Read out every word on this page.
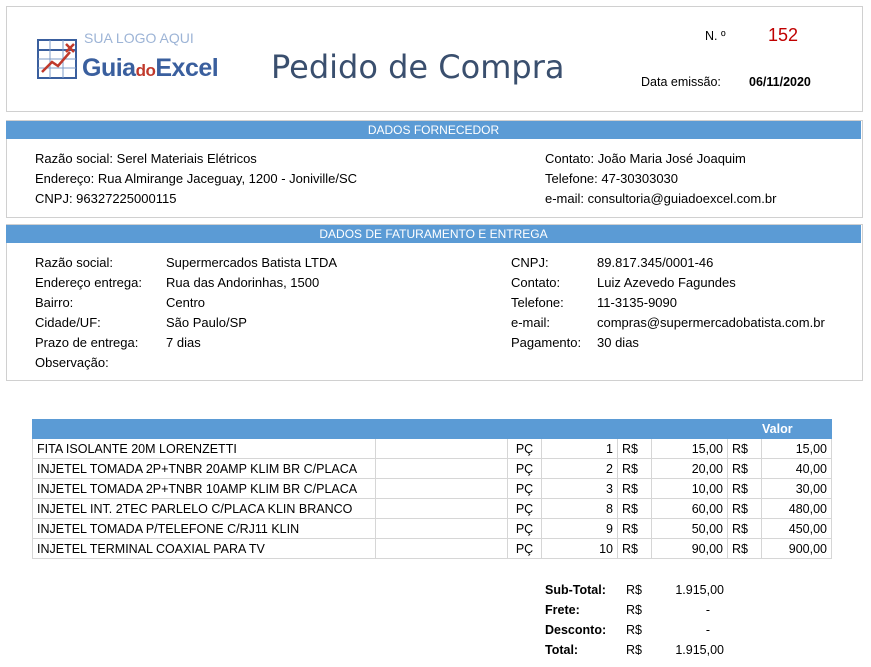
SUA LOGO AQUI
GuiadoExcel Pedido de Compra
N. º 152
Data emissão: 06/11/2020
DADOS FORNECEDOR
Razão social: Serel Materiais Elétricos
Endereço: Rua Almirange Jaceguay, 1200 - Joniville/SC
CNPJ: 96327225000115
Contato: João Maria José Joaquim
Telefone: 47-30303030
e-mail: consultoria@guiadoexcel.com.br
DADOS DE FATURAMENTO E ENTREGA
Razão social:	Supermercados Batista LTDA
Endereço entrega: Rua das Andorinhas, 1500
Bairro:	Centro
Cidade/UF:	São Paulo/SP
Prazo de entrega: 7 dias
Observação:
CNPJ:	89.817.345/0001-46
Contato:	Luiz Azevedo Fagundes
Telefone:	11-3135-9090
e-mail:	compras@supermercadobatista.com.br
Pagamento: 30 dias
							Valor
FITA ISOLANTE 20M LORENZETTI		PÇ	1	R$	15,00	R$	15,00
INJETEL TOMADA 2P+TNBR 20AMP KLIM BR C/PLACA		PÇ	2	R$	20,00	R$	40,00
INJETEL TOMADA 2P+TNBR 10AMP KLIM BR C/PLACA		PÇ	3	R$	10,00	R$	30,00
INJETEL INT. 2TEC PARLELO C/PLACA KLIN BRANCO		PÇ	8	R$	60,00	R$	480,00
INJETEL TOMADA P/TELEFONE C/RJ11 KLIN		PÇ	9	R$	50,00	R$	450,00
INJETEL TERMINAL COAXIAL PARA TV		PÇ	10	R$	90,00	R$	900,00
Sub-Total: R$	1.915,00
Frete:	R$	-
Desconto: R$	-
Total:	R$	1.915,00
